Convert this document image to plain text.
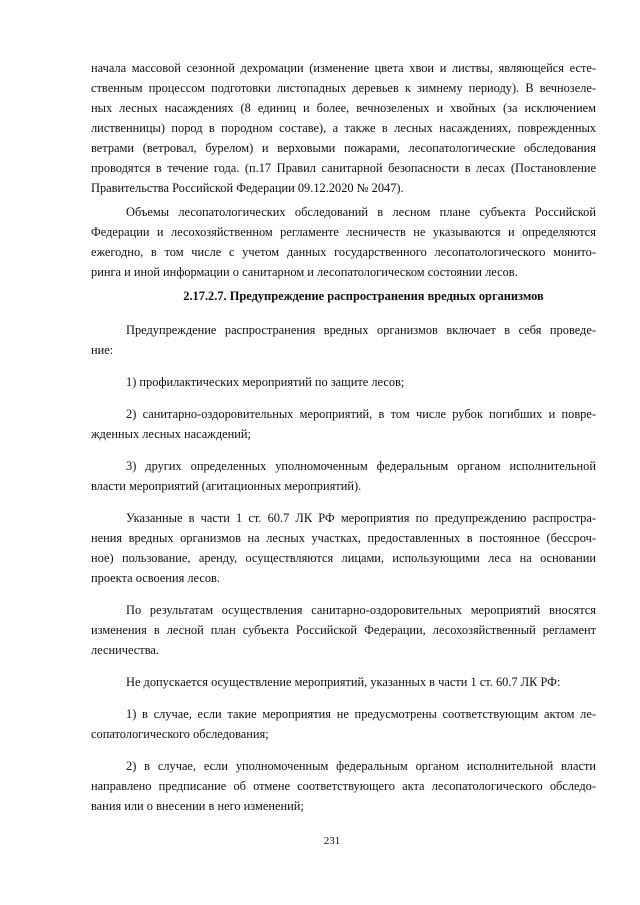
начала массовой сезонной дехромации (изменение цвета хвои и листвы, являющейся есте-
ственным процессом подготовки листопадных деревьев к зимнему периоду). В вечнозеле-
ных лесных насаждениях (8 единиц и более, вечнозеленых и хвойных (за исключением
лиственницы) пород в породном составе), а также в лесных насаждениях, поврежденных
ветрами (ветровал, бурелом) и верховыми пожарами, лесопатологические обследования
проводятся в течение года. (п.17 Правил санитарной безопасности в лесах (Постановление
Правительства Российской Федерации 09.12.2020 № 2047).
Объемы лесопатологических обследований в лесном плане субъекта Российской
Федерации и лесохозяйственном регламенте лесничеств не указываются и определяются
ежегодно, в том числе с учетом данных государственного лесопатологического монито-
ринга и иной информации о санитарном и лесопатологическом состоянии лесов.
2.17.2.7. Предупреждение распространения вредных организмов
Предупреждение распространения вредных организмов включает в себя проведе-
ние:
1) профилактических мероприятий по защите лесов;
2) санитарно-оздоровительных мероприятий, в том числе рубок погибших и повре-
жденных лесных насаждений;
3) других определенных уполномоченным федеральным органом исполнительной
власти мероприятий (агитационных мероприятий).
Указанные в части 1 ст. 60.7 ЛК РФ мероприятия по предупреждению распростра-
нения вредных организмов на лесных участках, предоставленных в постоянное (бессроч-
ное) пользование, аренду, осуществляются лицами, использующими леса на основании
проекта освоения лесов.
По результатам осуществления санитарно-оздоровительных мероприятий вносятся
изменения в лесной план субъекта Российской Федерации, лесохозяйственный регламент
лесничества.
Не допускается осуществление мероприятий, указанных в части 1 ст. 60.7 ЛК РФ:
1) в случае, если такие мероприятия не предусмотрены соответствующим актом ле-
сопатологического обследования;
2) в случае, если уполномоченным федеральным органом исполнительной власти
направлено предписание об отмене соответствующего акта лесопатологического обследо-
вания или о внесении в него изменений;
231
